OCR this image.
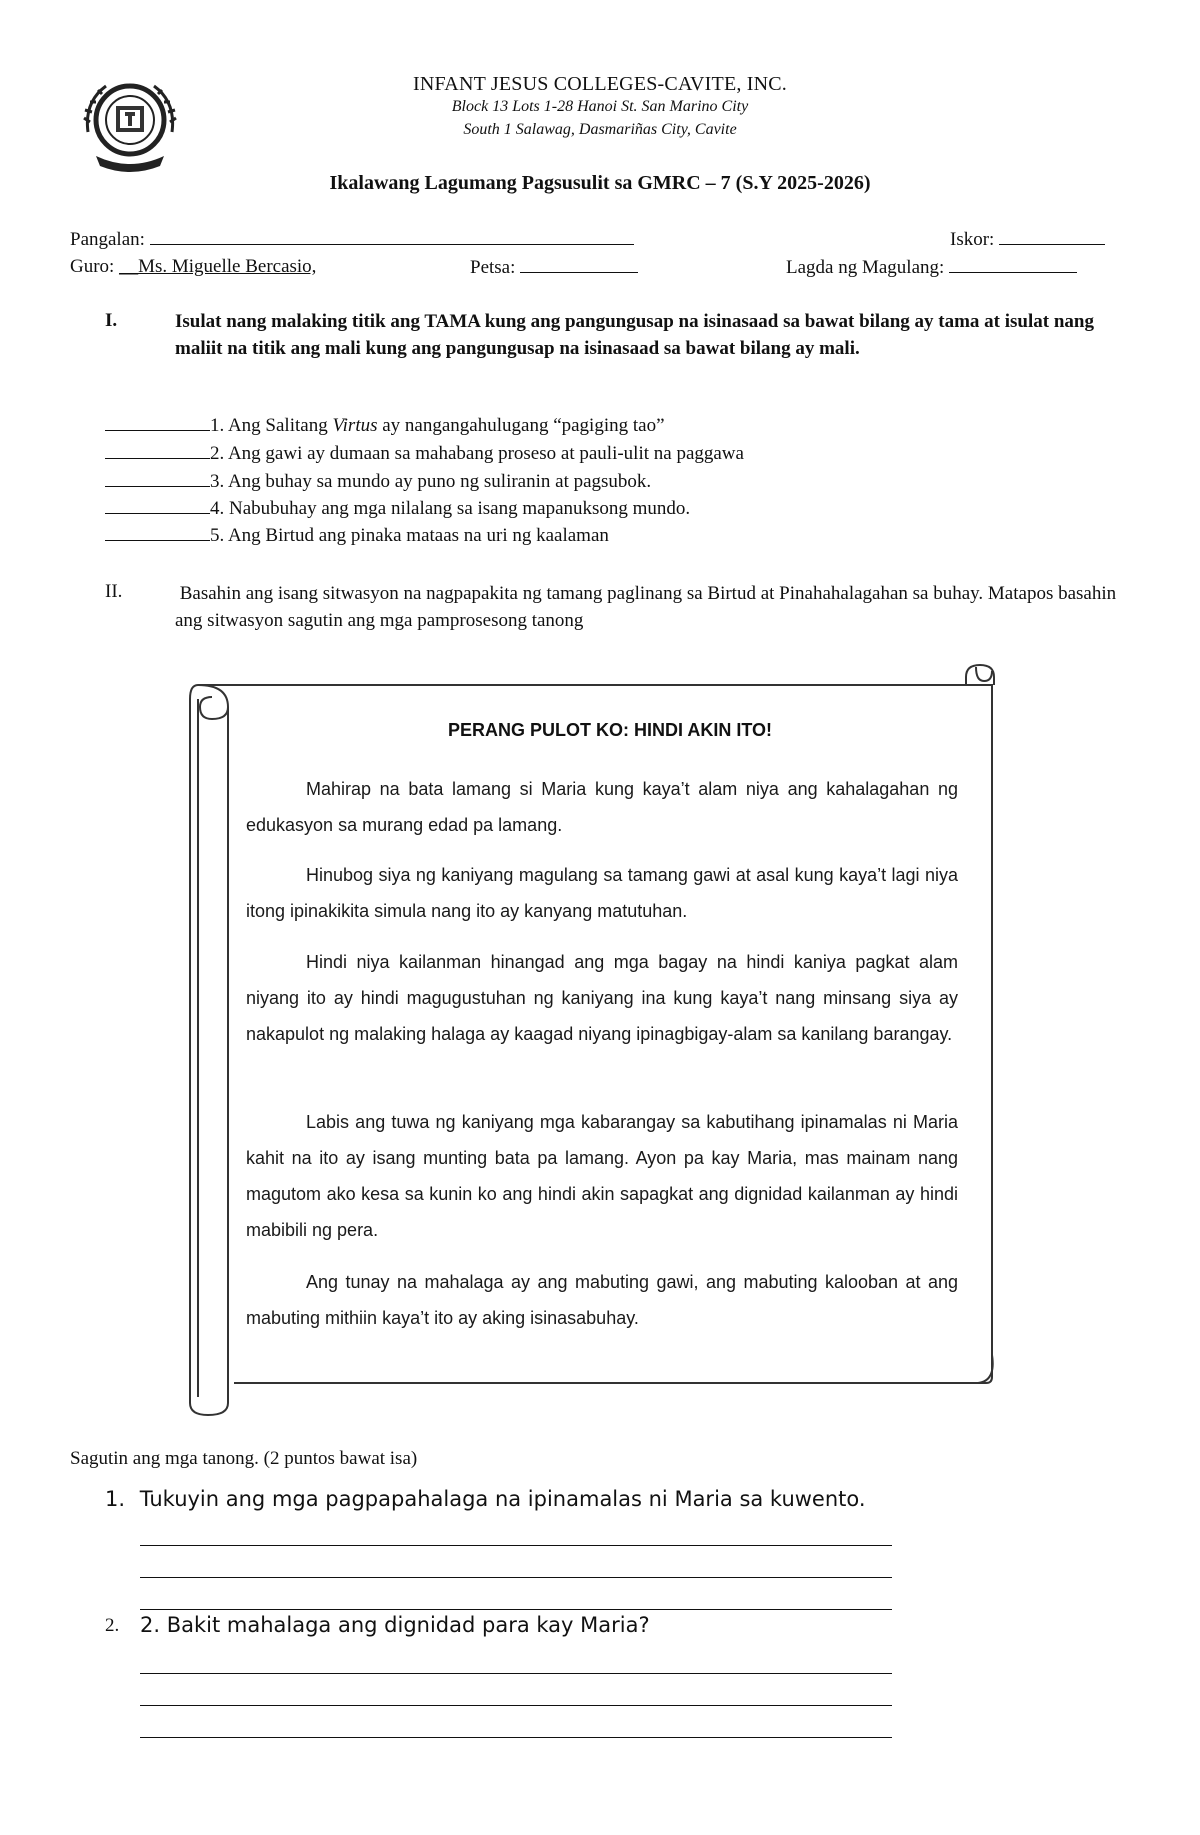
INFANT JESUS COLLEGES-CAVITE, INC.
Block 13 Lots 1-28 Hanoi St. San Marino City
South 1 Salawag, Dasmariñas City, Cavite
Ikalawang Lagumang Pagsusulit sa GMRC – 7 (S.Y 2025-2026)
Pangalan:	Iskor:
Guro: __Ms. Miguelle Bercasio,	Petsa:	Lagda ng Magulang:
I.	Isulat nang malaking titik ang TAMA kung ang pangungusap na isinasaad sa bawat bilang ay tama at isulat nang maliit na titik ang mali kung ang pangungusap na isinasaad sa bawat bilang ay mali.
1. Ang Salitang Virtus ay nangangahulugang “pagiging tao”
2. Ang gawi ay dumaan sa mahabang proseso at pauli-ulit na paggawa
3. Ang buhay sa mundo ay puno ng suliranin at pagsubok.
4. Nabubuhay ang mga nilalang sa isang mapanuksong mundo.
5. Ang Birtud ang pinaka mataas na uri ng kaalaman
II.	Basahin ang isang sitwasyon na nagpapakita ng tamang paglinang sa Birtud at Pinahahalagahan sa buhay. Matapos basahin ang sitwasyon sagutin ang mga pamprosesong tanong
PERANG PULOT KO: HINDI AKIN ITO!
Mahirap na bata lamang si Maria kung kaya’t alam niya ang kahalagahan ng edukasyon sa murang edad pa lamang.
Hinubog siya ng kaniyang magulang sa tamang gawi at asal kung kaya’t lagi niya itong ipinakikita simula nang ito ay kanyang matutuhan.
Hindi niya kailanman hinangad ang mga bagay na hindi kaniya pagkat alam niyang ito ay hindi magugustuhan ng kaniyang ina kung kaya’t nang minsang siya ay nakapulot ng malaking halaga ay kaagad niyang ipinagbigay-alam sa kanilang barangay.
Labis ang tuwa ng kaniyang mga kabarangay sa kabutihang ipinamalas ni Maria kahit na ito ay isang munting bata pa lamang. Ayon pa kay Maria, mas mainam nang magutom ako kesa sa kunin ko ang hindi akin sapagkat ang dignidad kailanman ay hindi mabibili ng pera.
Ang tunay na mahalaga ay ang mabuting gawi, ang mabuting kalooban at ang mabuting mithiin kaya’t ito ay aking isinasabuhay.
Sagutin ang mga tanong. (2 puntos bawat isa)
1. Tukuyin ang mga pagpapahalaga na ipinamalas ni Maria sa kuwento.
2. 2. Bakit mahalaga ang dignidad para kay Maria?
